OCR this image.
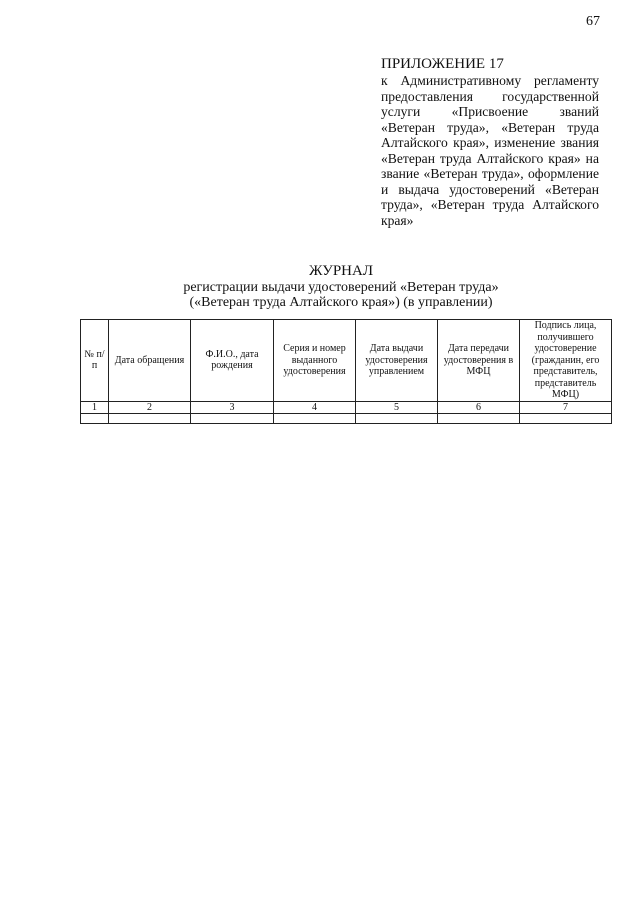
67

ПРИЛОЖЕНИЕ 17

к Административному регламенту предоставления государственной услуги «Присвоение званий «Ветеран труда», «Ветеран труда Алтайского края», изменение звания «Ветеран труда Алтайского края» на звание «Ветеран труда», оформление и выдача удостоверений «Ветеран труда», «Ветеран труда Алтайского края»

ЖУРНАЛ
регистрации выдачи удостоверений «Ветеран труда»
(«Ветеран труда Алтайского края») (в управлении)
№ п/п	Дата обращения	Ф.И.О., дата рождения	Серия и номер выданного удостоверения	Дата выдачи удостоверения управлением	Дата передачи удостоверения в МФЦ	Подпись лица, получившего удостоверение (гражданин, его представитель, представитель МФЦ)
1	2	3	4	5	6	7
